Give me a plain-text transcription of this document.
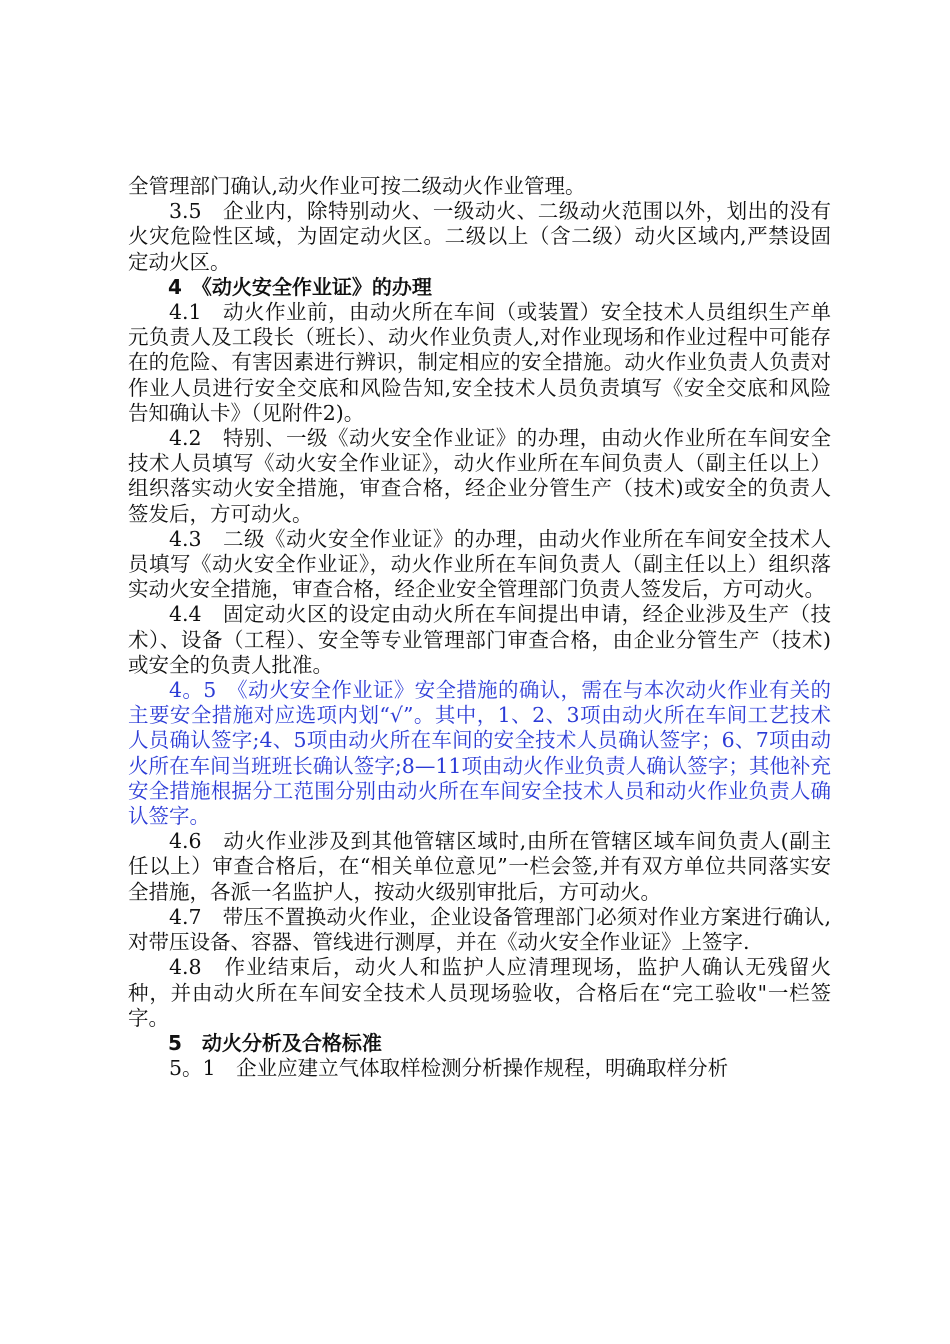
全管理部门确认,动火作业可按二级动火作业管理。

3.5　企业内，除特别动火、一级动火、二级动火范围以外，划出的没有火灾危险性区域，为固定动火区。二级以上（含二级）动火区域内,严禁设固定动火区。

4　《动火安全作业证》的办理

4.1　动火作业前，由动火所在车间（或装置）安全技术人员组织生产单元负责人及工段长（班长）、动火作业负责人,对作业现场和作业过程中可能存在的危险、有害因素进行辨识，制定相应的安全措施。动火作业负责人负责对作业人员进行安全交底和风险告知,安全技术人员负责填写《安全交底和风险告知确认卡》（见附件2)。

4.2　特别、一级《动火安全作业证》的办理，由动火作业所在车间安全技术人员填写《动火安全作业证》，动火作业所在车间负责人（副主任以上）组织落实动火安全措施，审查合格，经企业分管生产（技术)或安全的负责人签发后，方可动火。

4.3　二级《动火安全作业证》的办理，由动火作业所在车间安全技术人员填写《动火安全作业证》，动火作业所在车间负责人（副主任以上）组织落实动火安全措施，审查合格，经企业安全管理部门负责人签发后，方可动火。

4.4　固定动火区的设定由动火所在车间提出申请，经企业涉及生产（技术）、设备（工程）、安全等专业管理部门审查合格，由企业分管生产（技术)或安全的负责人批准。

4。5　《动火安全作业证》安全措施的确认，需在与本次动火作业有关的主要安全措施对应选项内划“√”。其中，1、2、3项由动火所在车间工艺技术人员确认签字;4、5项由动火所在车间的安全技术人员确认签字；6、7项由动火所在车间当班班长确认签字;8—11项由动火作业负责人确认签字；其他补充安全措施根据分工范围分别由动火所在车间安全技术人员和动火作业负责人确认签字。

4.6　动火作业涉及到其他管辖区域时,由所在管辖区域车间负责人(副主任以上）审查合格后，在“相关单位意见”一栏会签,并有双方单位共同落实安全措施，各派一名监护人，按动火级别审批后，方可动火。

4.7　带压不置换动火作业，企业设备管理部门必须对作业方案进行确认,对带压设备、容器、管线进行测厚，并在《动火安全作业证》上签字.

4.8　作业结束后，动火人和监护人应清理现场，监护人确认无残留火种，并由动火所在车间安全技术人员现场验收，合格后在“完工验收"一栏签字。

5　动火分析及合格标准

5。1　企业应建立气体取样检测分析操作规程，明确取样分析
